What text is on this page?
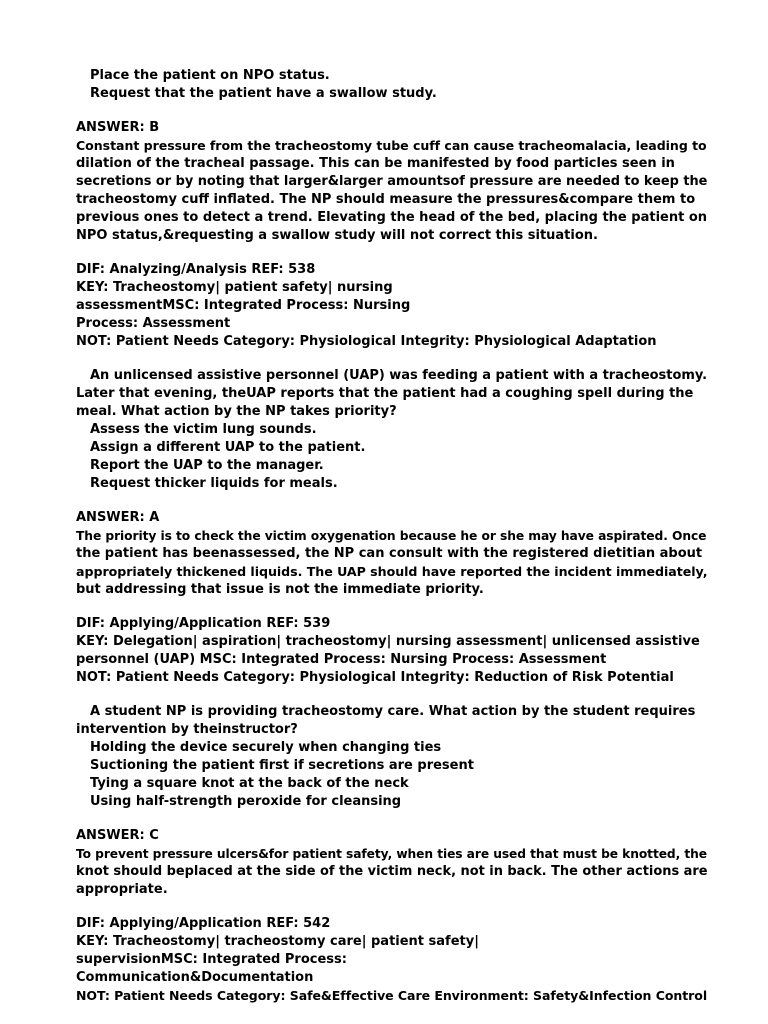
Place the patient on NPO status.
Request that the patient have a swallow study.
ANSWER: B
Constant pressure from the tracheostomy tube cuff can cause tracheomalacia, leading to
dilation of the tracheal passage. This can be manifested by food particles seen in
secretions or by noting that larger&larger amountsof pressure are needed to keep the
tracheostomy cuff inflated. The NP should measure the pressures&compare them to
previous ones to detect a trend. Elevating the head of the bed, placing the patient on
NPO status,&requesting a swallow study will not correct this situation.
DIF: Analyzing/Analysis REF: 538
KEY: Tracheostomy| patient safety| nursing
assessmentMSC: Integrated Process: Nursing
Process: Assessment
NOT: Patient Needs Category: Physiological Integrity: Physiological Adaptation
An unlicensed assistive personnel (UAP) was feeding a patient with a tracheostomy.
Later that evening, theUAP reports that the patient had a coughing spell during the
meal. What action by the NP takes priority?
Assess the victim lung sounds.
Assign a different UAP to the patient.
Report the UAP to the manager.
Request thicker liquids for meals.
ANSWER: A
The priority is to check the victim oxygenation because he or she may have aspirated. Once
the patient has beenassessed, the NP can consult with the registered dietitian about
appropriately thickened liquids. The UAP should have reported the incident immediately,
but addressing that issue is not the immediate priority.
DIF: Applying/Application REF: 539
KEY: Delegation| aspiration| tracheostomy| nursing assessment| unlicensed assistive
personnel (UAP) MSC: Integrated Process: Nursing Process: Assessment
NOT: Patient Needs Category: Physiological Integrity: Reduction of Risk Potential
A student NP is providing tracheostomy care. What action by the student requires
intervention by theinstructor?
Holding the device securely when changing ties
Suctioning the patient first if secretions are present
Tying a square knot at the back of the neck
Using half-strength peroxide for cleansing
ANSWER: C
To prevent pressure ulcers&for patient safety, when ties are used that must be knotted, the
knot should beplaced at the side of the victim neck, not in back. The other actions are
appropriate.
DIF: Applying/Application REF: 542
KEY: Tracheostomy| tracheostomy care| patient safety|
supervisionMSC: Integrated Process:
Communication&Documentation
NOT: Patient Needs Category: Safe&Effective Care Environment: Safety&Infection Control
